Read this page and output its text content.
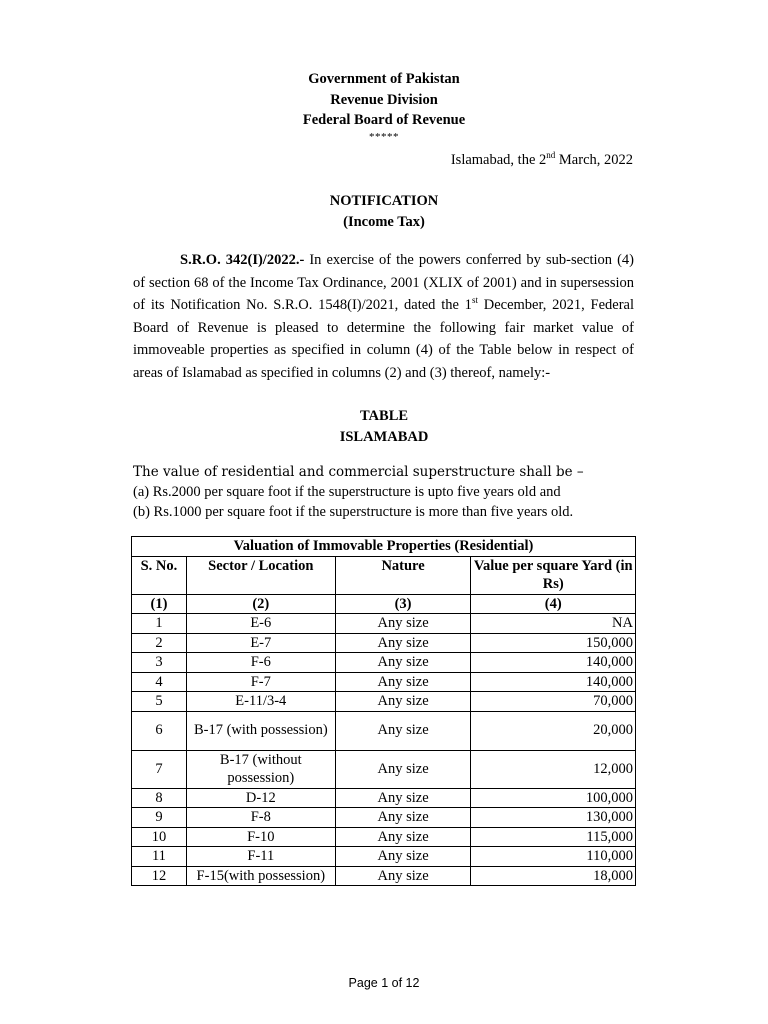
Government of Pakistan
Revenue Division
Federal Board of Revenue
*****
Islamabad, the 2nd March, 2022
NOTIFICATION
(Income Tax)
S.R.O. 342(I)/2022.- In exercise of the powers conferred by sub-section (4) of section 68 of the Income Tax Ordinance, 2001 (XLIX of 2001) and in supersession of its Notification No. S.R.O. 1548(I)/2021, dated the 1st December, 2021, Federal Board of Revenue is pleased to determine the following fair market value of immoveable properties as specified in column (4) of the Table below in respect of areas of Islamabad as specified in columns (2) and (3) thereof, namely:-
TABLE
ISLAMABAD
The value of residential and commercial superstructure shall be –
(a) Rs.2000 per square foot if the superstructure is upto five years old and
(b) Rs.1000 per square foot if the superstructure is more than five years old.
Valuation of Immovable Properties (Residential)			
S. No.	Sector / Location	Nature	Value per square Yard (in Rs)
(1)	(2)	(3)	(4)
1	E-6	Any size	NA
2	E-7	Any size	150,000
3	F-6	Any size	140,000
4	F-7	Any size	140,000
5	E-11/3-4	Any size	70,000
6	B-17 (with possession)	Any size	20,000
7	B-17 (without possession)	Any size	12,000
8	D-12	Any size	100,000
9	F-8	Any size	130,000
10	F-10	Any size	115,000
11	F-11	Any size	110,000
12	F-15(with possession)	Any size	18,000
Page 1 of 12
